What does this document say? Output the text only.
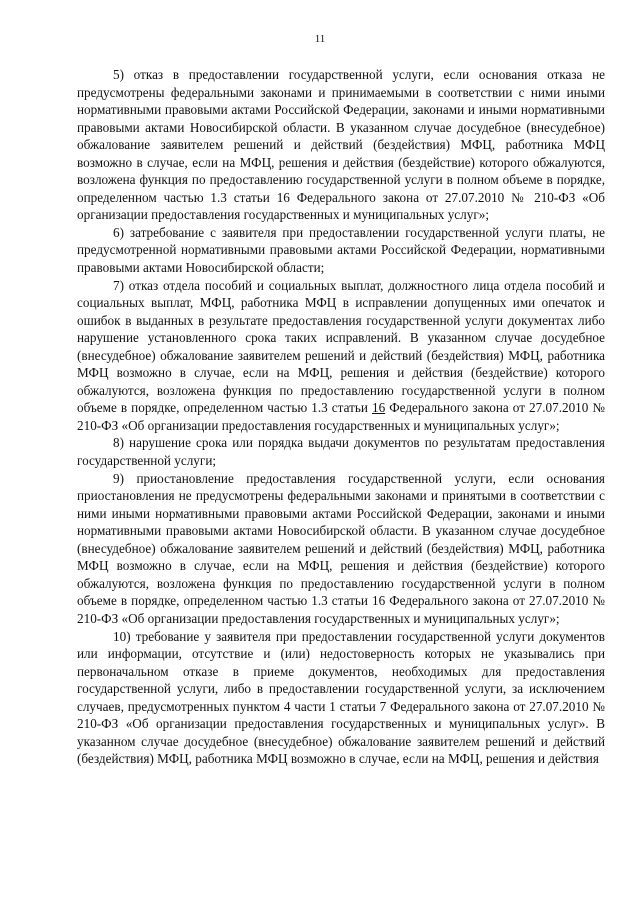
11

5) отказ в предоставлении государственной услуги, если основания отказа не предусмотрены федеральными законами и принимаемыми в соответствии с ними иными нормативными правовыми актами Российской Федерации, законами и иными нормативными правовыми актами Новосибирской области. В указанном случае досудебное (внесудебное) обжалование заявителем решений и действий (бездействия) МФЦ, работника МФЦ возможно в случае, если на МФЦ, решения и действия (бездействие) которого обжалуются, возложена функция по предоставлению государственной услуги в полном объеме в порядке, определенном частью 1.3 статьи 16 Федерального закона от 27.07.2010 № 210-ФЗ «Об организации предоставления государственных и муниципальных услуг»;

6) затребование с заявителя при предоставлении государственной услуги платы, не предусмотренной нормативными правовыми актами Российской Федерации, нормативными правовыми актами Новосибирской области;

7) отказ отдела пособий и социальных выплат, должностного лица отдела пособий и социальных выплат, МФЦ, работника МФЦ в исправлении допущенных ими опечаток и ошибок в выданных в результате предоставления государственной услуги документах либо нарушение установленного срока таких исправлений. В указанном случае досудебное (внесудебное) обжалование заявителем решений и действий (бездействия) МФЦ, работника МФЦ возможно в случае, если на МФЦ, решения и действия (бездействие) которого обжалуются, возложена функция по предоставлению государственной услуги в полном объеме в порядке, определенном частью 1.3 статьи 16 Федерального закона от 27.07.2010 № 210-ФЗ «Об организации предоставления государственных и муниципальных услуг»;

8) нарушение срока или порядка выдачи документов по результатам предоставления государственной услуги;

9) приостановление предоставления государственной услуги, если основания приостановления не предусмотрены федеральными законами и принятыми в соответствии с ними иными нормативными правовыми актами Российской Федерации, законами и иными нормативными правовыми актами Новосибирской области. В указанном случае досудебное (внесудебное) обжалование заявителем решений и действий (бездействия) МФЦ, работника МФЦ возможно в случае, если на МФЦ, решения и действия (бездействие) которого обжалуются, возложена функция по предоставлению государственной услуги в полном объеме в порядке, определенном частью 1.3 статьи 16 Федерального закона от 27.07.2010 № 210-ФЗ «Об организации предоставления государственных и муниципальных услуг»;

10) требование у заявителя при предоставлении государственной услуги документов или информации, отсутствие и (или) недостоверность которых не указывались при первоначальном отказе в приеме документов, необходимых для предоставления государственной услуги, либо в предоставлении государственной услуги, за исключением случаев, предусмотренных пунктом 4 части 1 статьи 7 Федерального закона от 27.07.2010 № 210-ФЗ «Об организации предоставления государственных и муниципальных услуг». В указанном случае досудебное (внесудебное) обжалование заявителем решений и действий (бездействия) МФЦ, работника МФЦ возможно в случае, если на МФЦ, решения и действия
